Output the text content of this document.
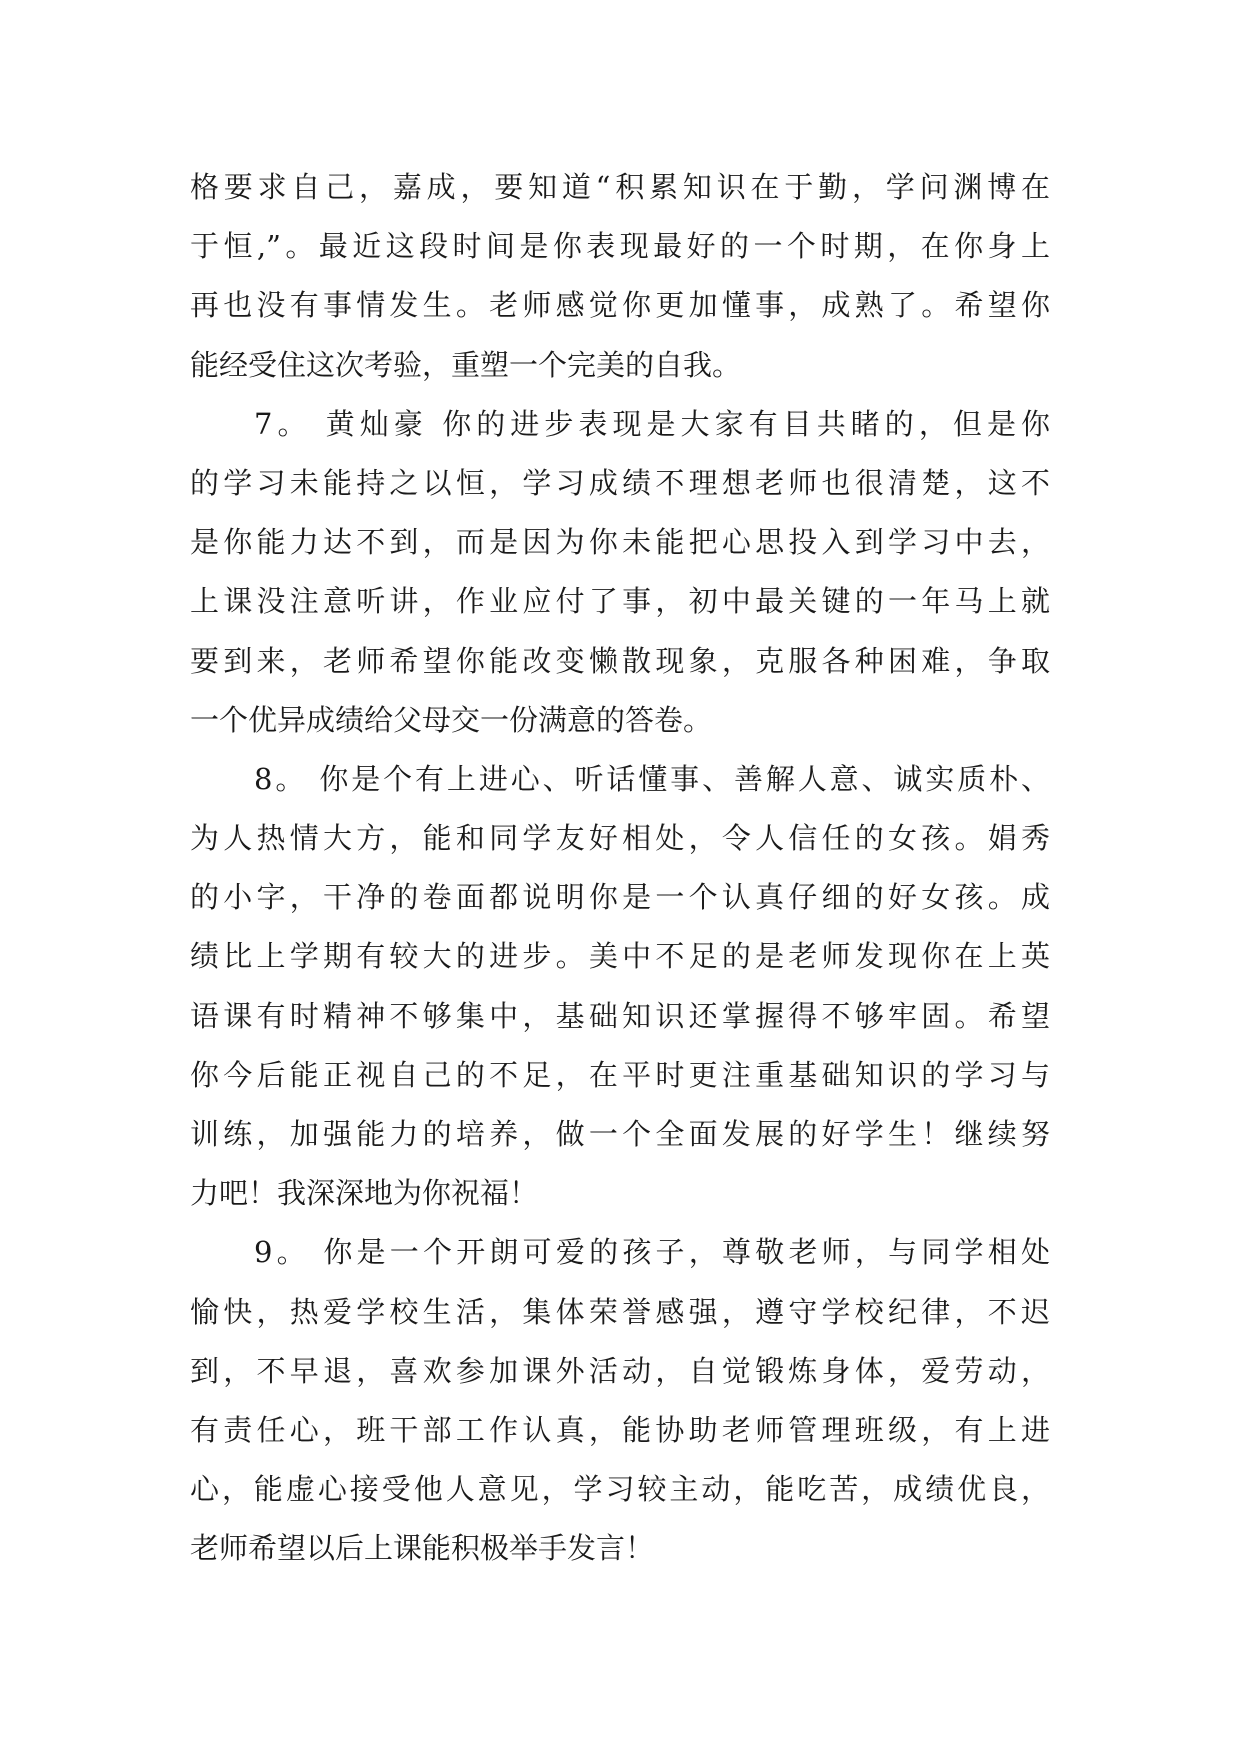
格要求自己，嘉成，要知道“积累知识在于勤，学问渊博在
于恒,”。最近这段时间是你表现最好的一个时期，在你身上
再也没有事情发生。老师感觉你更加懂事，成熟了。希望你
能经受住这次考验，重塑一个完美的自我。
7。 黄灿豪 你的进步表现是大家有目共睹的，但是你
的学习未能持之以恒，学习成绩不理想老师也很清楚，这不
是你能力达不到，而是因为你未能把心思投入到学习中去，
上课没注意听讲，作业应付了事，初中最关键的一年马上就
要到来，老师希望你能改变懒散现象，克服各种困难，争取
一个优异成绩给父母交一份满意的答卷。
8。 你是个有上进心、听话懂事、善解人意、诚实质朴、
为人热情大方，能和同学友好相处，令人信任的女孩。娟秀
的小字，干净的卷面都说明你是一个认真仔细的好女孩。成
绩比上学期有较大的进步。美中不足的是老师发现你在上英
语课有时精神不够集中，基础知识还掌握得不够牢固。希望
你今后能正视自己的不足，在平时更注重基础知识的学习与
训练，加强能力的培养，做一个全面发展的好学生！继续努
力吧！我深深地为你祝福！
9。 你是一个开朗可爱的孩子，尊敬老师，与同学相处
愉快，热爱学校生活，集体荣誉感强，遵守学校纪律，不迟
到，不早退，喜欢参加课外活动，自觉锻炼身体，爱劳动，
有责任心，班干部工作认真，能协助老师管理班级，有上进
心，能虚心接受他人意见，学习较主动，能吃苦，成绩优良，
老师希望以后上课能积极举手发言！
